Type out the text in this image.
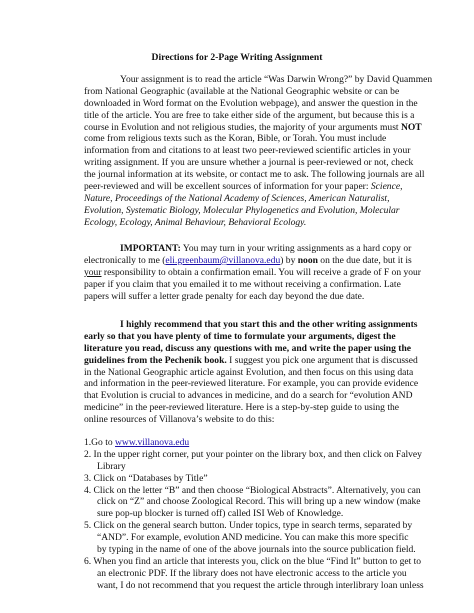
Directions for 2-Page Writing Assignment
Your assignment is to read the article “Was Darwin Wrong?” by David Quammen
from National Geographic (available at the National Geographic website or can be
downloaded in Word format on the Evolution webpage), and answer the question in the
title of the article. You are free to take either side of the argument, but because this is a
course in Evolution and not religious studies, the majority of your arguments must NOT
come from religious texts such as the Koran, Bible, or Torah. You must include
information from and citations to at least two peer-reviewed scientific articles in your
writing assignment. If you are unsure whether a journal is peer-reviewed or not, check
the journal information at its website, or contact me to ask. The following journals are all
peer-reviewed and will be excellent sources of information for your paper: Science,
Nature, Proceedings of the National Academy of Sciences, American Naturalist,
Evolution, Systematic Biology, Molecular Phylogenetics and Evolution, Molecular
Ecology, Ecology, Animal Behaviour, Behavioral Ecology.
IMPORTANT: You may turn in your writing assignments as a hard copy or
electronically to me (eli.greenbaum@villanova.edu) by noon on the due date, but it is
your responsibility to obtain a confirmation email. You will receive a grade of F on your
paper if you claim that you emailed it to me without receiving a confirmation. Late
papers will suffer a letter grade penalty for each day beyond the due date.
I highly recommend that you start this and the other writing assignments
early so that you have plenty of time to formulate your arguments, digest the
literature you read, discuss any questions with me, and write the paper using the
guidelines from the Pechenik book. I suggest you pick one argument that is discussed
in the National Geographic article against Evolution, and then focus on this using data
and information in the peer-reviewed literature. For example, you can provide evidence
that Evolution is crucial to advances in medicine, and do a search for “evolution AND
medicine” in the peer-reviewed literature. Here is a step-by-step guide to using the
online resources of Villanova’s website to do this:
1.Go to www.villanova.edu
2. In the upper right corner, put your pointer on the library box, and then click on Falvey
Library
3. Click on “Databases by Title”
4. Click on the letter “B” and then choose “Biological Abstracts”. Alternatively, you can
click on “Z” and choose Zoological Record. This will bring up a new window (make
sure pop-up blocker is turned off) called ISI Web of Knowledge.
5. Click on the general search button. Under topics, type in search terms, separated by
“AND”. For example, evolution AND medicine. You can make this more specific
by typing in the name of one of the above journals into the source publication field.
6. When you find an article that interests you, click on the blue “Find It” button to get to
an electronic PDF. If the library does not have electronic access to the article you
want, I do not recommend that you request the article through interlibrary loan unless
